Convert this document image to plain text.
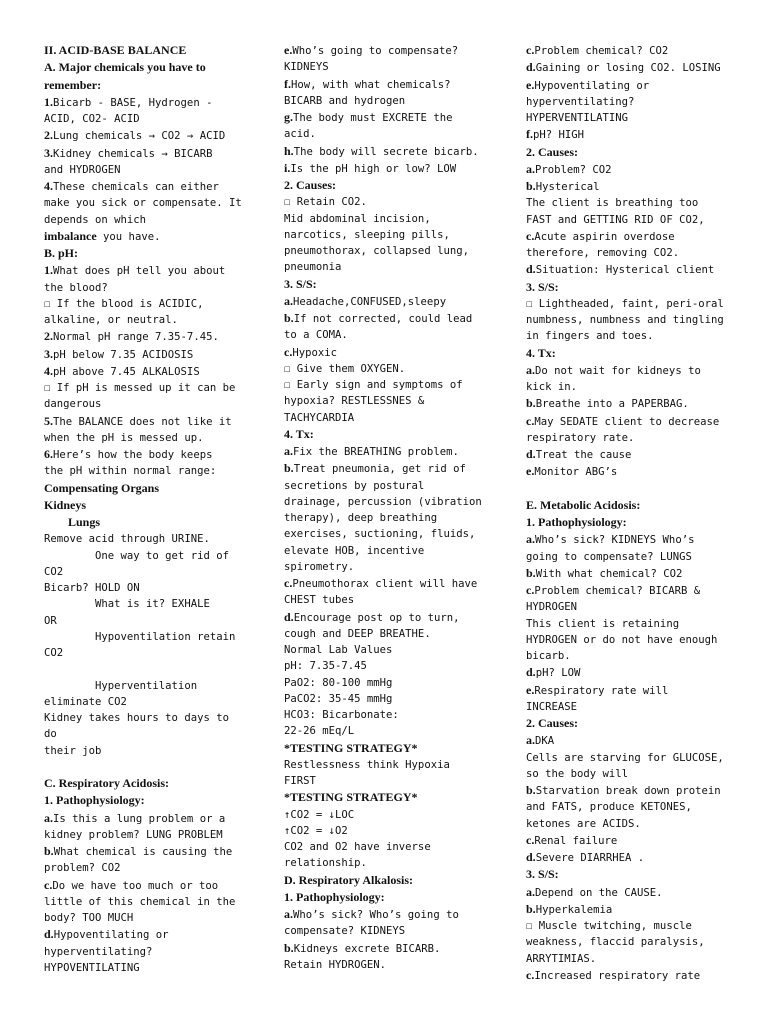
II. ACID-BASE BALANCE
A. Major chemicals you have to
remember:
1.Bicarb - BASE, Hydrogen -
ACID, CO2- ACID
2.Lung chemicals → CO2 → ACID
3.Kidney chemicals → BICARB
and HYDROGEN
4.These chemicals can either
make you sick or compensate. It
depends on which
imbalance you have.
B. pH:
1.What does pH tell you about
the blood?
☐ If the blood is ACIDIC,
alkaline, or neutral.
2.Normal pH range 7.35-7.45.
3.pH below 7.35 ACIDOSIS
4.pH above 7.45 ALKALOSIS
☐ If pH is messed up it can be
dangerous
5.The BALANCE does not like it
when the pH is messed up.
6.Here’s how the body keeps
the pH within normal range:
Compensating Organs
Kidneys
Lungs
Remove acid through URINE.
One way to get rid of
CO2
Bicarb? HOLD ON
What is it? EXHALE
OR
Hypoventilation retain
CO2
Hyperventilation
eliminate CO2
Kidney takes hours to days to
do
their job
C. Respiratory Acidosis:
1. Pathophysiology:
a.Is this a lung problem or a
kidney problem? LUNG PROBLEM
b.What chemical is causing the
problem? CO2
c.Do we have too much or too
little of this chemical in the
body? TOO MUCH
d.Hypoventilating or
hyperventilating?
HYPOVENTILATING
e.Who’s going to compensate?
KIDNEYS
f.How, with what chemicals?
BICARB and hydrogen
g.The body must EXCRETE the
acid.
h.The body will secrete bicarb.
i.Is the pH high or low? LOW
2. Causes:
☐ Retain CO2.
Mid abdominal incision,
narcotics, sleeping pills,
pneumothorax, collapsed lung,
pneumonia
3. S/S:
a.Headache,CONFUSED,sleepy
b.If not corrected, could lead
to a COMA.
c.Hypoxic
☐ Give them OXYGEN.
☐ Early sign and symptoms of
hypoxia? RESTLESSNES &
TACHYCARDIA
4. Tx:
a.Fix the BREATHING problem.
b.Treat pneumonia, get rid of
secretions by postural
drainage, percussion (vibration
therapy), deep breathing
exercises, suctioning, fluids,
elevate HOB, incentive
spirometry.
c.Pneumothorax client will have
CHEST tubes
d.Encourage post op to turn,
cough and DEEP BREATHE.
Normal Lab Values
pH: 7.35-7.45
PaO2: 80-100 mmHg
PaCO2: 35-45 mmHg
HCO3: Bicarbonate:
22-26 mEq/L
*TESTING STRATEGY*
Restlessness think Hypoxia
FIRST
*TESTING STRATEGY*
↑CO2 = ↓LOC
↑CO2 = ↓O2
CO2 and O2 have inverse
relationship.
D. Respiratory Alkalosis:
1. Pathophysiology:
a.Who’s sick? Who’s going to
compensate? KIDNEYS
b.Kidneys excrete BICARB.
Retain HYDROGEN.
c.Problem chemical? CO2
d.Gaining or losing CO2. LOSING
e.Hypoventilating or
hyperventilating?
HYPERVENTILATING
f.pH? HIGH
2. Causes:
a.Problem? CO2
b.Hysterical
The client is breathing too
FAST and GETTING RID OF CO2,
c.Acute aspirin overdose
therefore, removing CO2.
d.Situation: Hysterical client
3. S/S:
☐ Lightheaded, faint, peri-oral
numbness, numbness and tingling
in fingers and toes.
4. Tx:
a.Do not wait for kidneys to
kick in.
b.Breathe into a PAPERBAG.
c.May SEDATE client to decrease
respiratory rate.
d.Treat the cause
e.Monitor ABG’s
E. Metabolic Acidosis:
1. Pathophysiology:
a.Who’s sick? KIDNEYS Who’s
going to compensate? LUNGS
b.With what chemical? CO2
c.Problem chemical? BICARB &
HYDROGEN
This client is retaining
HYDROGEN or do not have enough
bicarb.
d.pH? LOW
e.Respiratory rate will
INCREASE
2. Causes:
a.DKA
Cells are starving for GLUCOSE,
so the body will
b.Starvation break down protein
and FATS, produce KETONES,
ketones are ACIDS.
c.Renal failure
d.Severe DIARRHEA .
3. S/S:
a.Depend on the CAUSE.
b.Hyperkalemia
☐ Muscle twitching, muscle
weakness, flaccid paralysis,
ARRYTIMIAS.
c.Increased respiratory rate
